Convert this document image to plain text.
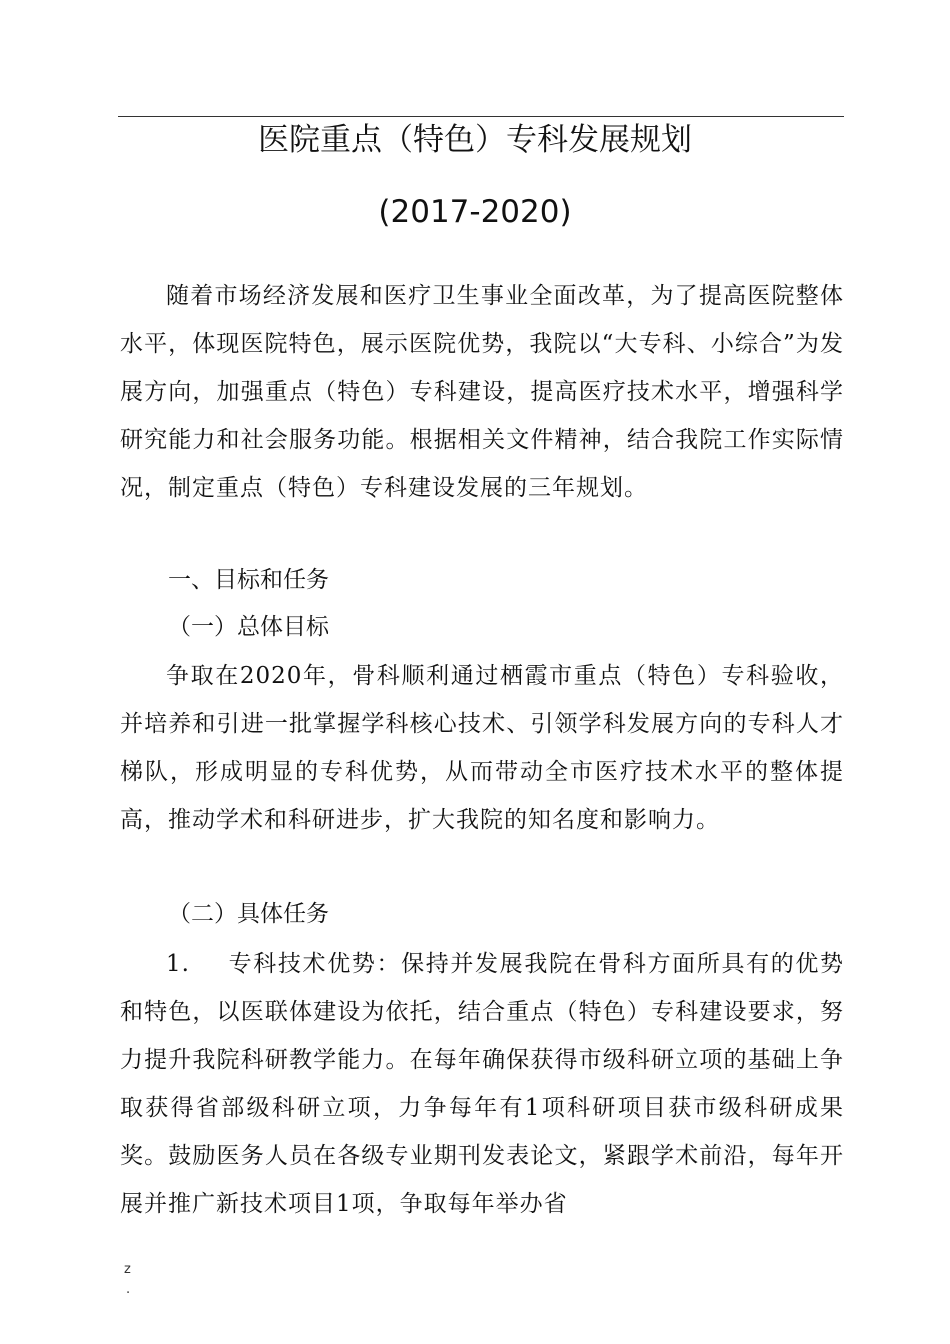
医院重点（特色）专科发展规划
(2017-2020)

随着市场经济发展和医疗卫生事业全面改革，为了提高医院整体水平，体现医院特色，展示医院优势，我院以“大专科、小综合”为发展方向，加强重点（特色）专科建设，提高医疗技术水平，增强科学研究能力和社会服务功能。根据相关文件精神，结合我院工作实际情况，制定重点（特色）专科建设发展的三年规划。

一、目标和任务
（一）总体目标

争取在2020年，骨科顺利通过栖霞市重点（特色）专科验收，并培养和引进一批掌握学科核心技术、引领学科发展方向的专科人才梯队，形成明显的专科优势，从而带动全市医疗技术水平的整体提高，推动学术和科研进步，扩大我院的知名度和影响力。

（二）具体任务

1. 专科技术优势：保持并发展我院在骨科方面所具有的优势和特色，以医联体建设为依托，结合重点（特色）专科建设要求，努力提升我院科研教学能力。在每年确保获得市级科研立项的基础上争取获得省部级科研立项，力争每年有1项科研项目获市级科研成果奖。鼓励医务人员在各级专业期刊发表论文，紧跟学术前沿，每年开展并推广新技术项目1项，争取每年举办省

z
.
